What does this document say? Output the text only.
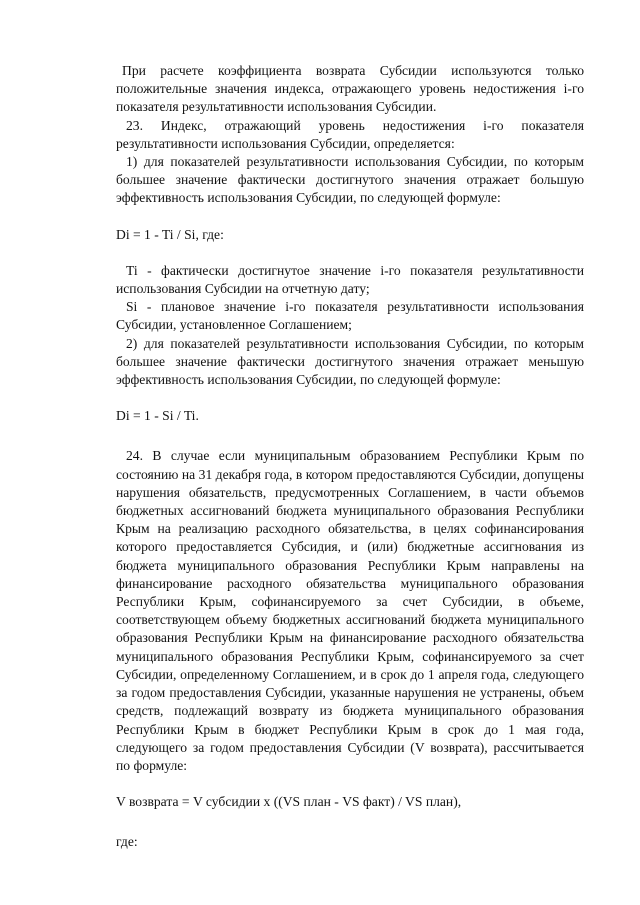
При расчете коэффициента возврата Субсидии используются только положительные значения индекса, отражающего уровень недостижения i-го показателя результативности использования Субсидии.

23. Индекс, отражающий уровень недостижения i-го показателя результативности использования Субсидии, определяется:

1) для показателей результативности использования Субсидии, по которым большее значение фактически достигнутого значения отражает большую эффективность использования Субсидии, по следующей формуле:

Di = 1 - Ti / Si, где:

Ti - фактически достигнутое значение i-го показателя результативности использования Субсидии на отчетную дату;

Si - плановое значение i-го показателя результативности использования Субсидии, установленное Соглашением;

2) для показателей результативности использования Субсидии, по которым большее значение фактически достигнутого значения отражает меньшую эффективность использования Субсидии, по следующей формуле:

Di = 1 - Si / Ti.

24. В случае если муниципальным образованием Республики Крым по состоянию на 31 декабря года, в котором предоставляются Субсидии, допущены нарушения обязательств, предусмотренных Соглашением, в части объемов бюджетных ассигнований бюджета муниципального образования Республики Крым на реализацию расходного обязательства, в целях софинансирования которого предоставляется Субсидия, и (или) бюджетные ассигнования из бюджета муниципального образования Республики Крым направлены на финансирование расходного обязательства муниципального образования Республики Крым, софинансируемого за счет Субсидии, в объеме, соответствующем объему бюджетных ассигнований бюджета муниципального образования Республики Крым на финансирование расходного обязательства муниципального образования Республики Крым, софинансируемого за счет Субсидии, определенному Соглашением, и в срок до 1 апреля года, следующего за годом предоставления Субсидии, указанные нарушения не устранены, объем средств, подлежащий возврату из бюджета муниципального образования Республики Крым в бюджет Республики Крым в срок до 1 мая года, следующего за годом предоставления Субсидии (V возврата), рассчитывается по формуле:

V возврата = V субсидии x ((VS план - VS факт) / VS план),

где:
